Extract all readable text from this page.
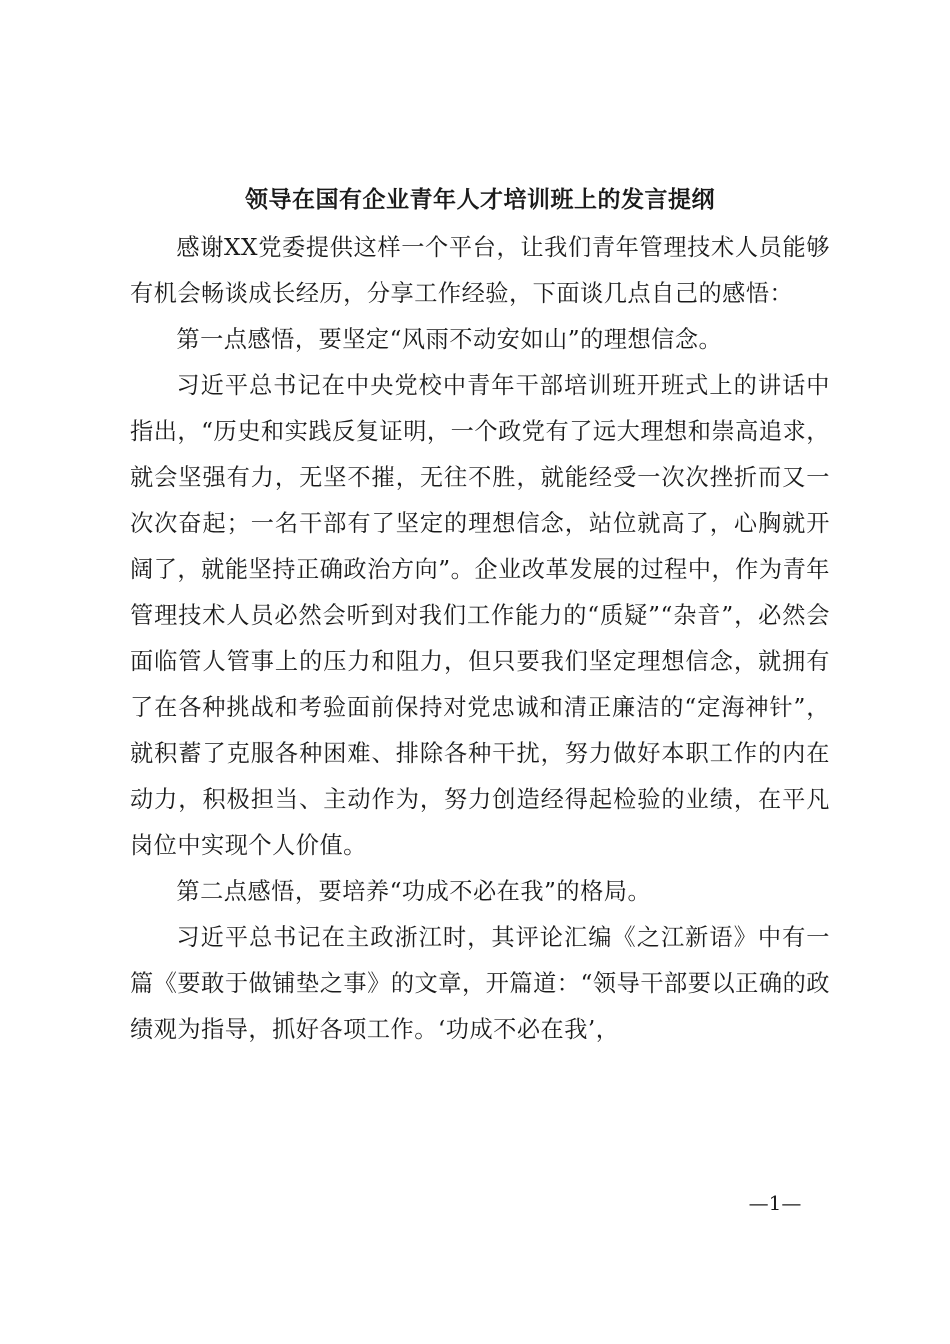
领导在国有企业青年人才培训班上的发言提纲

感谢XX党委提供这样一个平台，让我们青年管理技术人员能够有机会畅谈成长经历，分享工作经验，下面谈几点自己的感悟：

第一点感悟，要坚定“风雨不动安如山”的理想信念。

习近平总书记在中央党校中青年干部培训班开班式上的讲话中指出，“历史和实践反复证明，一个政党有了远大理想和崇高追求，就会坚强有力，无坚不摧，无往不胜，就能经受一次次挫折而又一次次奋起；一名干部有了坚定的理想信念，站位就高了，心胸就开阔了，就能坚持正确政治方向”。企业改革发展的过程中，作为青年管理技术人员必然会听到对我们工作能力的“质疑”“杂音”，必然会面临管人管事上的压力和阻力，但只要我们坚定理想信念，就拥有了在各种挑战和考验面前保持对党忠诚和清正廉洁的“定海神针”，就积蓄了克服各种困难、排除各种干扰，努力做好本职工作的内在动力，积极担当、主动作为，努力创造经得起检验的业绩，在平凡岗位中实现个人价值。

第二点感悟，要培养“功成不必在我”的格局。

习近平总书记在主政浙江时，其评论汇编《之江新语》中有一篇《要敢于做铺垫之事》的文章，开篇道：“领导干部要以正确的政绩观为指导，抓好各项工作。‘功成不必在我’，

—1—
